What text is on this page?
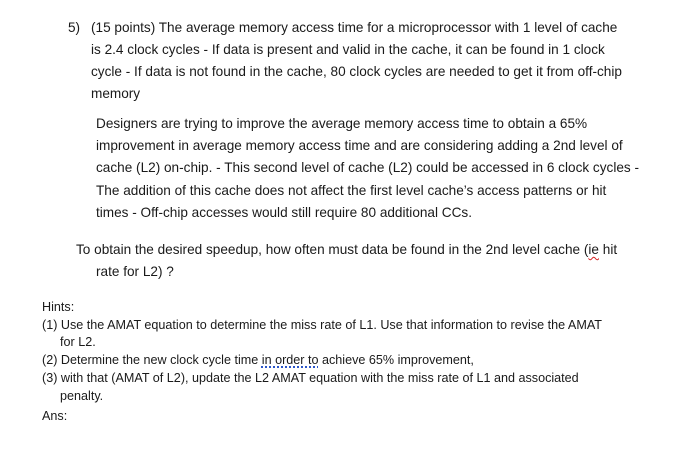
5) (15 points) The average memory access time for a microprocessor with 1 level of cache
is 2.4 clock cycles - If data is present and valid in the cache, it can be found in 1 clock
cycle - If data is not found in the cache, 80 clock cycles are needed to get it from off-chip
memory
Designers are trying to improve the average memory access time to obtain a 65%
improvement in average memory access time and are considering adding a 2nd level of
cache (L2) on-chip. - This second level of cache (L2) could be accessed in 6 clock cycles -
The addition of this cache does not affect the first level cache’s access patterns or hit
times - Off-chip accesses would still require 80 additional CCs.
To obtain the desired speedup, how often must data be found in the 2nd level cache (ie hit
rate for L2) ?
Hints:
(1) Use the AMAT equation to determine the miss rate of L1. Use that information to revise the AMAT
for L2.
(2) Determine the new clock cycle time in order to achieve 65% improvement,
(3) with that (AMAT of L2), update the L2 AMAT equation with the miss rate of L1 and associated
penalty.
Ans:
